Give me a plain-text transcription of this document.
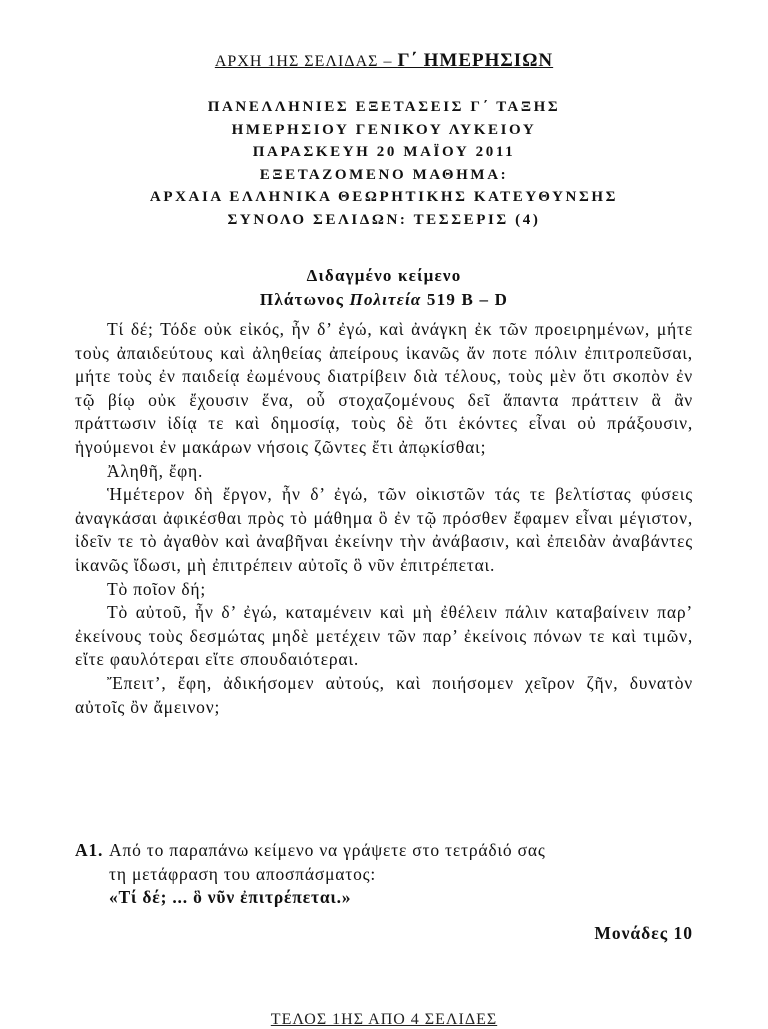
ΑΡΧΗ 1ΗΣ ΣΕΛΙΔΑΣ – Γ΄ ΗΜΕΡΗΣΙΩΝ
ΠΑΝΕΛΛΗΝΙΕΣ ΕΞΕΤΑΣΕΙΣ Γ΄ ΤΑΞΗΣ
ΗΜΕΡΗΣΙΟΥ ΓΕΝΙΚΟΥ ΛΥΚΕΙΟΥ
ΠΑΡΑΣΚΕΥΗ 20 ΜΑΪΟΥ 2011
ΕΞΕΤΑΖΟΜΕΝΟ ΜΑΘΗΜΑ:
ΑΡΧΑΙΑ ΕΛΛΗΝΙΚΑ ΘΕΩΡΗΤΙΚΗΣ ΚΑΤΕΥΘΥΝΣΗΣ
ΣΥΝΟΛΟ ΣΕΛΙΔΩΝ: ΤΕΣΣΕΡΙΣ (4)
Διδαγμένο κείμενο
Πλάτωνος Πολιτεία 519 Β – D

Τί δέ; Τόδε οὐκ εἰκός, ἦν δ’ ἐγώ, καὶ ἀνάγκη ἐκ τῶν προειρημένων, μήτε τοὺς ἀπαιδεύτους καὶ ἀληθείας ἀπείρους ἱκανῶς ἄν ποτε πόλιν ἐπιτροπεῦσαι, μήτε τοὺς ἐν παιδείᾳ ἐωμένους διατρίβειν διὰ τέλους, τοὺς μὲν ὅτι σκοπὸν ἐν τῷ βίῳ οὐκ ἔχουσιν ἕνα, οὗ στοχαζομένους δεῖ ἅπαντα πράττειν ἃ ἂν πράττωσιν ἰδίᾳ τε καὶ δημοσίᾳ, τοὺς δὲ ὅτι ἑκόντες εἶναι οὐ πράξουσιν, ἡγούμενοι ἐν μακάρων νήσοις ζῶντες ἔτι ἀπῳκίσθαι;

Ἀληθῆ, ἔφη.

Ἡμέτερον δὴ ἔργον, ἦν δ’ ἐγώ, τῶν οἰκιστῶν τάς τε βελτίστας φύσεις ἀναγκάσαι ἀφικέσθαι πρὸς τὸ μάθημα ὃ ἐν τῷ πρόσθεν ἔφαμεν εἶναι μέγιστον, ἰδεῖν τε τὸ ἀγαθὸν καὶ ἀναβῆναι ἐκείνην τὴν ἀνάβασιν, καὶ ἐπειδὰν ἀναβάντες ἱκανῶς ἴδωσι, μὴ ἐπιτρέπειν αὐτοῖς ὃ νῦν ἐπιτρέπεται.

Τὸ ποῖον δή;

Τὸ αὐτοῦ, ἦν δ’ ἐγώ, καταμένειν καὶ μὴ ἐθέλειν πάλιν καταβαίνειν παρ’ ἐκείνους τοὺς δεσμώτας μηδὲ μετέχειν τῶν παρ’ ἐκείνοις πόνων τε καὶ τιμῶν, εἴτε φαυλότεραι εἴτε σπουδαιότεραι.

Ἔπειτ’, ἔφη, ἀδικήσομεν αὐτούς, καὶ ποιήσομεν χεῖρον ζῆν, δυνατὸν αὐτοῖς ὂν ἄμεινον;

Α1. Από το παραπάνω κείμενο να γράψετε στο τετράδιό σας
τη μετάφραση του αποσπάσματος:
«Τί δέ; ... ὃ νῦν ἐπιτρέπεται.»
Μονάδες 10
ΤΕΛΟΣ 1ΗΣ ΑΠΟ 4 ΣΕΛΙΔΕΣ
